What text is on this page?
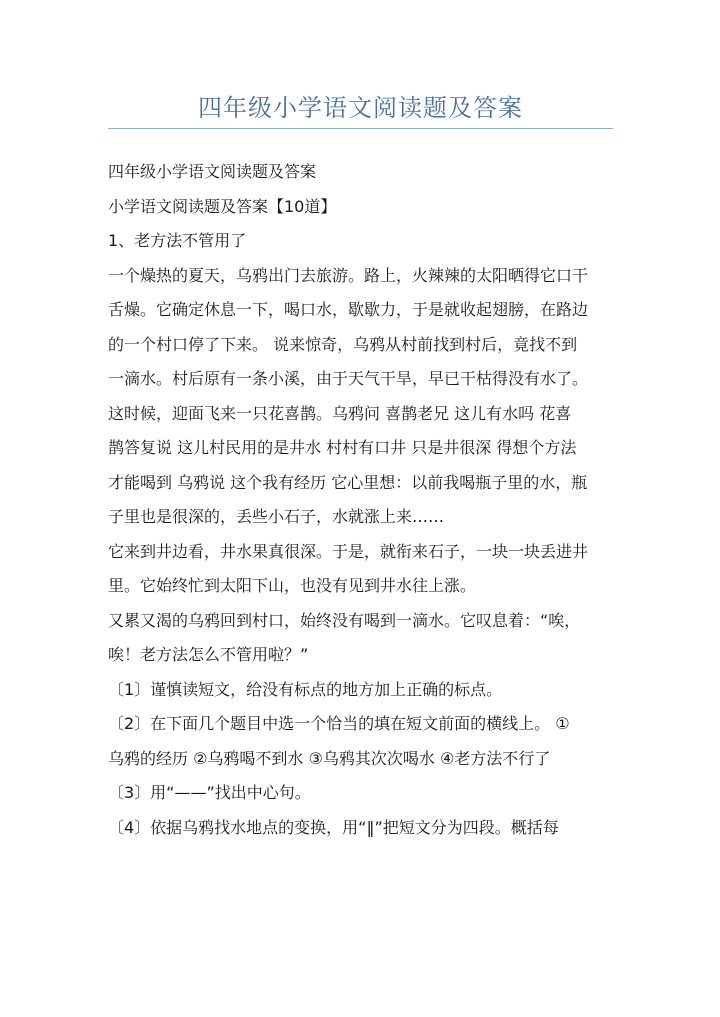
四年级小学语文阅读题及答案

四年级小学语文阅读题及答案

小学语文阅读题及答案【10道】

1、老方法不管用了

一个燥热的夏天，乌鸦出门去旅游。路上，火辣辣的太阳晒得它口干

舌燥。它确定休息一下，喝口水，歇歇力，于是就收起翅膀，在路边

的一个村口停了下来。 说来惊奇，乌鸦从村前找到村后，竟找不到

一滴水。村后原有一条小溪，由于天气干旱，早已干枯得没有水了。

这时候，迎面飞来一只花喜鹊。乌鸦问 喜鹊老兄 这儿有水吗 花喜

鹊答复说 这儿村民用的是井水 村村有口井 只是井很深 得想个方法

才能喝到 乌鸦说 这个我有经历 它心里想：以前我喝瓶子里的水，瓶

子里也是很深的，丢些小石子，水就涨上来……

它来到井边看，井水果真很深。于是，就衔来石子，一块一块丢进井

里。它始终忙到太阳下山，也没有见到井水往上涨。

又累又渴的乌鸦回到村口，始终没有喝到一滴水。它叹息着：“唉，

唉！老方法怎么不管用啦？”

〔1〕谨慎读短文，给没有标点的地方加上正确的标点。

〔2〕在下面几个题目中选一个恰当的填在短文前面的横线上。 ①

乌鸦的经历 ②乌鸦喝不到水 ③乌鸦其次次喝水 ④老方法不行了

〔3〕用“——”找出中心句。

〔4〕依据乌鸦找水地点的变换，用“‖”把短文分为四段。概括每
